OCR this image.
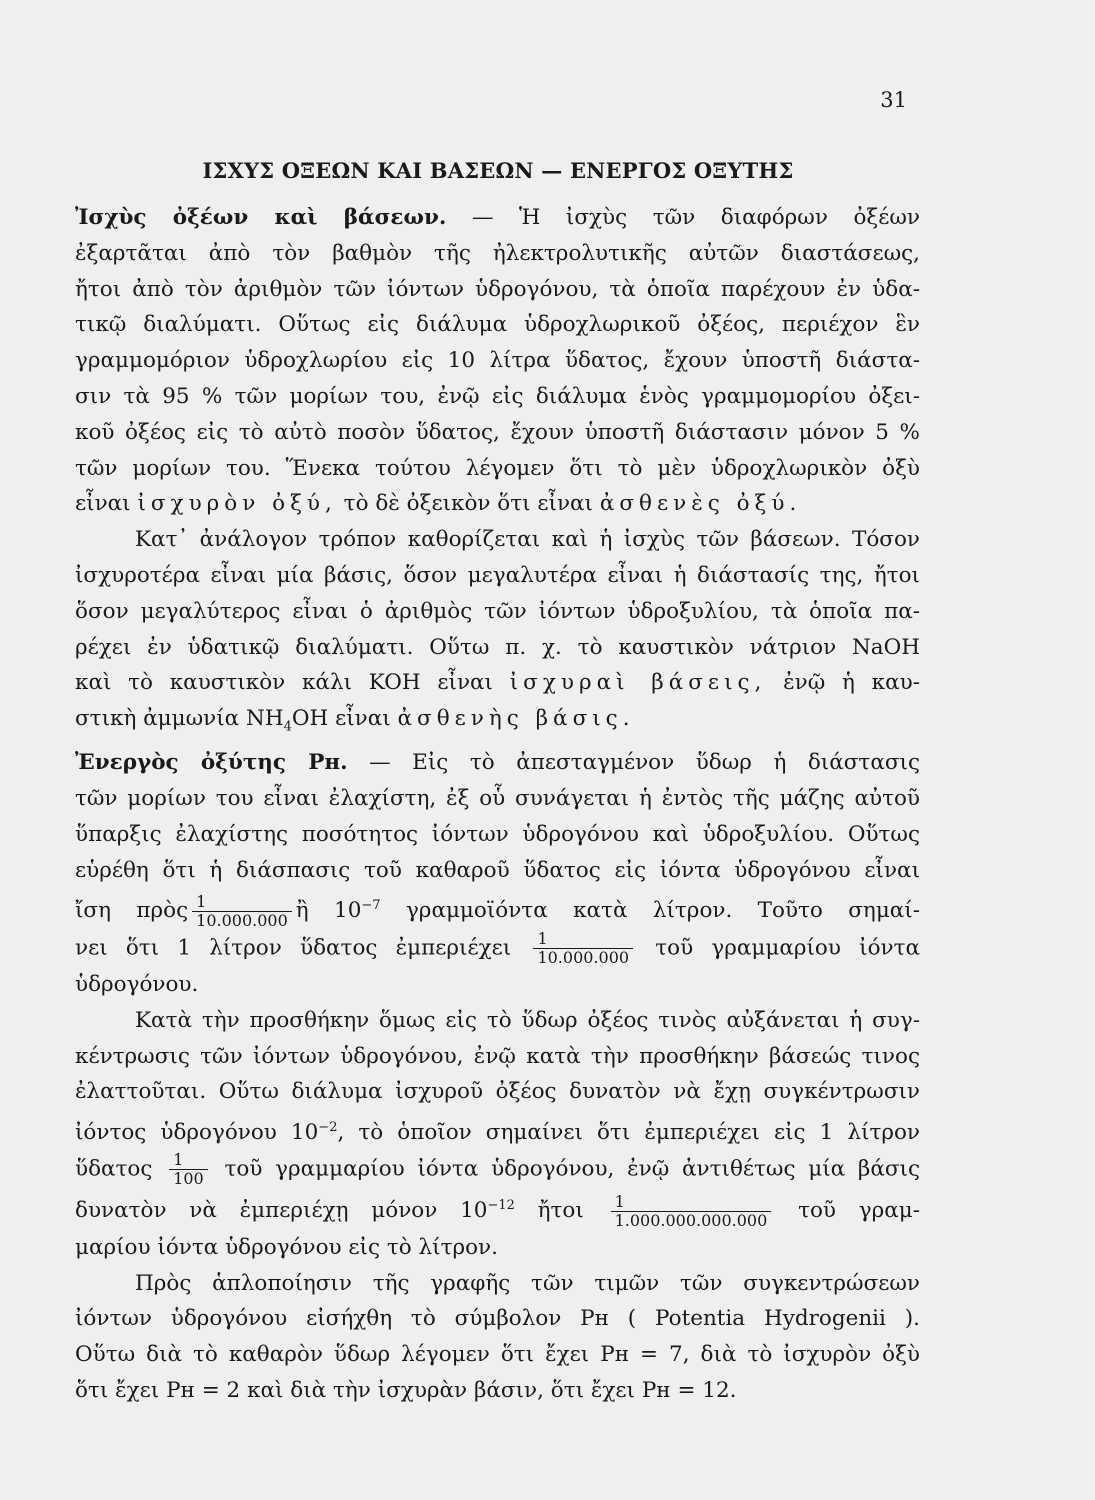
31
ΙΣΧΥΣ ΟΞΕΩΝ ΚΑΙ ΒΑΣΕΩΝ — ΕΝΕΡΓΟΣ ΟΞΥΤΗΣ
Ἰσχὺς ὀξέων καὶ βάσεων. — Ἡ ἰσχὺς τῶν διαφόρων ὀξέων
ἐξαρτᾶται ἀπὸ τὸν βαθμὸν τῆς ἠλεκτρολυτικῆς αὐτῶν διαστάσεως,
ἤτοι ἀπὸ τὸν ἀριθμὸν τῶν ἰόντων ὑδρογόνου, τὰ ὁποῖα παρέχουν ἐν ὑδα-
τικῷ διαλύματι. Οὕτως εἰς διάλυμα ὑδροχλωρικοῦ ὀξέος, περιέχον ἓν
γραμμομόριον ὑδροχλωρίου εἰς 10 λίτρα ὕδατος, ἔχουν ὑποστῆ διάστα-
σιν τὰ 95 % τῶν μορίων του, ἐνῷ εἰς διάλυμα ἑνὸς γραμμομορίου ὀξει-
κοῦ ὀξέος εἰς τὸ αὐτὸ ποσὸν ὕδατος, ἔχουν ὑποστῆ διάστασιν μόνον 5 %
τῶν μορίων του. Ἕνεκα τούτου λέγομεν ὅτι τὸ μὲν ὑδροχλωρικὸν ὀξὺ
εἶναι ἰσχυρὸν ὀξύ, τὸ δὲ ὀξεικὸν ὅτι εἶναι ἀσθενὲς ὀξύ.
Κατ᾽ ἀνάλογον τρόπον καθορίζεται καὶ ἡ ἰσχὺς τῶν βάσεων. Τόσον
ἰσχυροτέρα εἶναι μία βάσις, ὅσον μεγαλυτέρα εἶναι ἡ διάστασίς της, ἤτοι
ὅσον μεγαλύτερος εἶναι ὁ ἀριθμὸς τῶν ἰόντων ὑδροξυλίου, τὰ ὁποῖα πα-
ρέχει ἐν ὑδατικῷ διαλύματι. Οὕτω π. χ. τὸ καυστικὸν νάτριον NaOH
καὶ τὸ καυστικὸν κάλι KOH εἶναι ἰσχυραὶ βάσεις, ἐνῷ ἡ καυ-
στικὴ ἀμμωνία $NH_4OH$ εἶναι ἀσθενὴς βάσις.
Ἐνεργὸς ὀξύτης Pʜ. — Εἰς τὸ ἀπεσταγμένον ὕδωρ ἡ διάστασις
τῶν μορίων του εἶναι ἐλαχίστη, ἐξ οὗ συνάγεται ἡ ἐντὸς τῆς μάζης αὐτοῦ
ὕπαρξις ἐλαχίστης ποσότητος ἰόντων ὑδρογόνου καὶ ὑδροξυλίου. Οὕτως
εὑρέθη ὅτι ἡ διάσπασις τοῦ καθαροῦ ὕδατος εἰς ἰόντα ὑδρογόνου εἶναι
ἴση πρὸς $\frac{1}{10.000.000}$ ἢ $10^{-7}$ γραμμοϊόντα κατὰ λίτρον. Τοῦτο σημαί-
νει ὅτι 1 λίτρον ὕδατος ἐμπεριέχει $\frac{1}{10.000.000}$ τοῦ γραμμαρίου ἰόντα
ὑδρογόνου.
Κατὰ τὴν προσθήκην ὅμως εἰς τὸ ὕδωρ ὀξέος τινὸς αὐξάνεται ἡ συγ-
κέντρωσις τῶν ἰόντων ὑδρογόνου, ἐνῷ κατὰ τὴν προσθήκην βάσεώς τινος
ἐλαττοῦται. Οὕτω διάλυμα ἰσχυροῦ ὀξέος δυνατὸν νὰ ἔχῃ συγκέντρωσιν
ἰόντος ὑδρογόνου $10^{-2}$, τὸ ὁποῖον σημαίνει ὅτι ἐμπεριέχει εἰς 1 λίτρον
ὕδατος $\frac{1}{100}$ τοῦ γραμμαρίου ἰόντα ὑδρογόνου, ἐνῷ ἀντιθέτως μία βάσις
δυνατὸν νὰ ἐμπεριέχῃ μόνον $10^{-12}$ ἤτοι $\frac{1}{1.000.000.000.000}$ τοῦ γραμ-
μαρίου ἰόντα ὑδρογόνου εἰς τὸ λίτρον.
Πρὸς ἁπλοποίησιν τῆς γραφῆς τῶν τιμῶν τῶν συγκεντρώσεων
ἰόντων ὑδρογόνου εἰσήχθη τὸ σύμβολον Pʜ ( Potentia Hydrogenii ).
Οὕτω διὰ τὸ καθαρὸν ὕδωρ λέγομεν ὅτι ἔχει Pʜ = 7, διὰ τὸ ἰσχυρὸν ὀξὺ
ὅτι ἔχει Pʜ = 2 καὶ διὰ τὴν ἰσχυρὰν βάσιν, ὅτι ἔχει Pʜ = 12.
